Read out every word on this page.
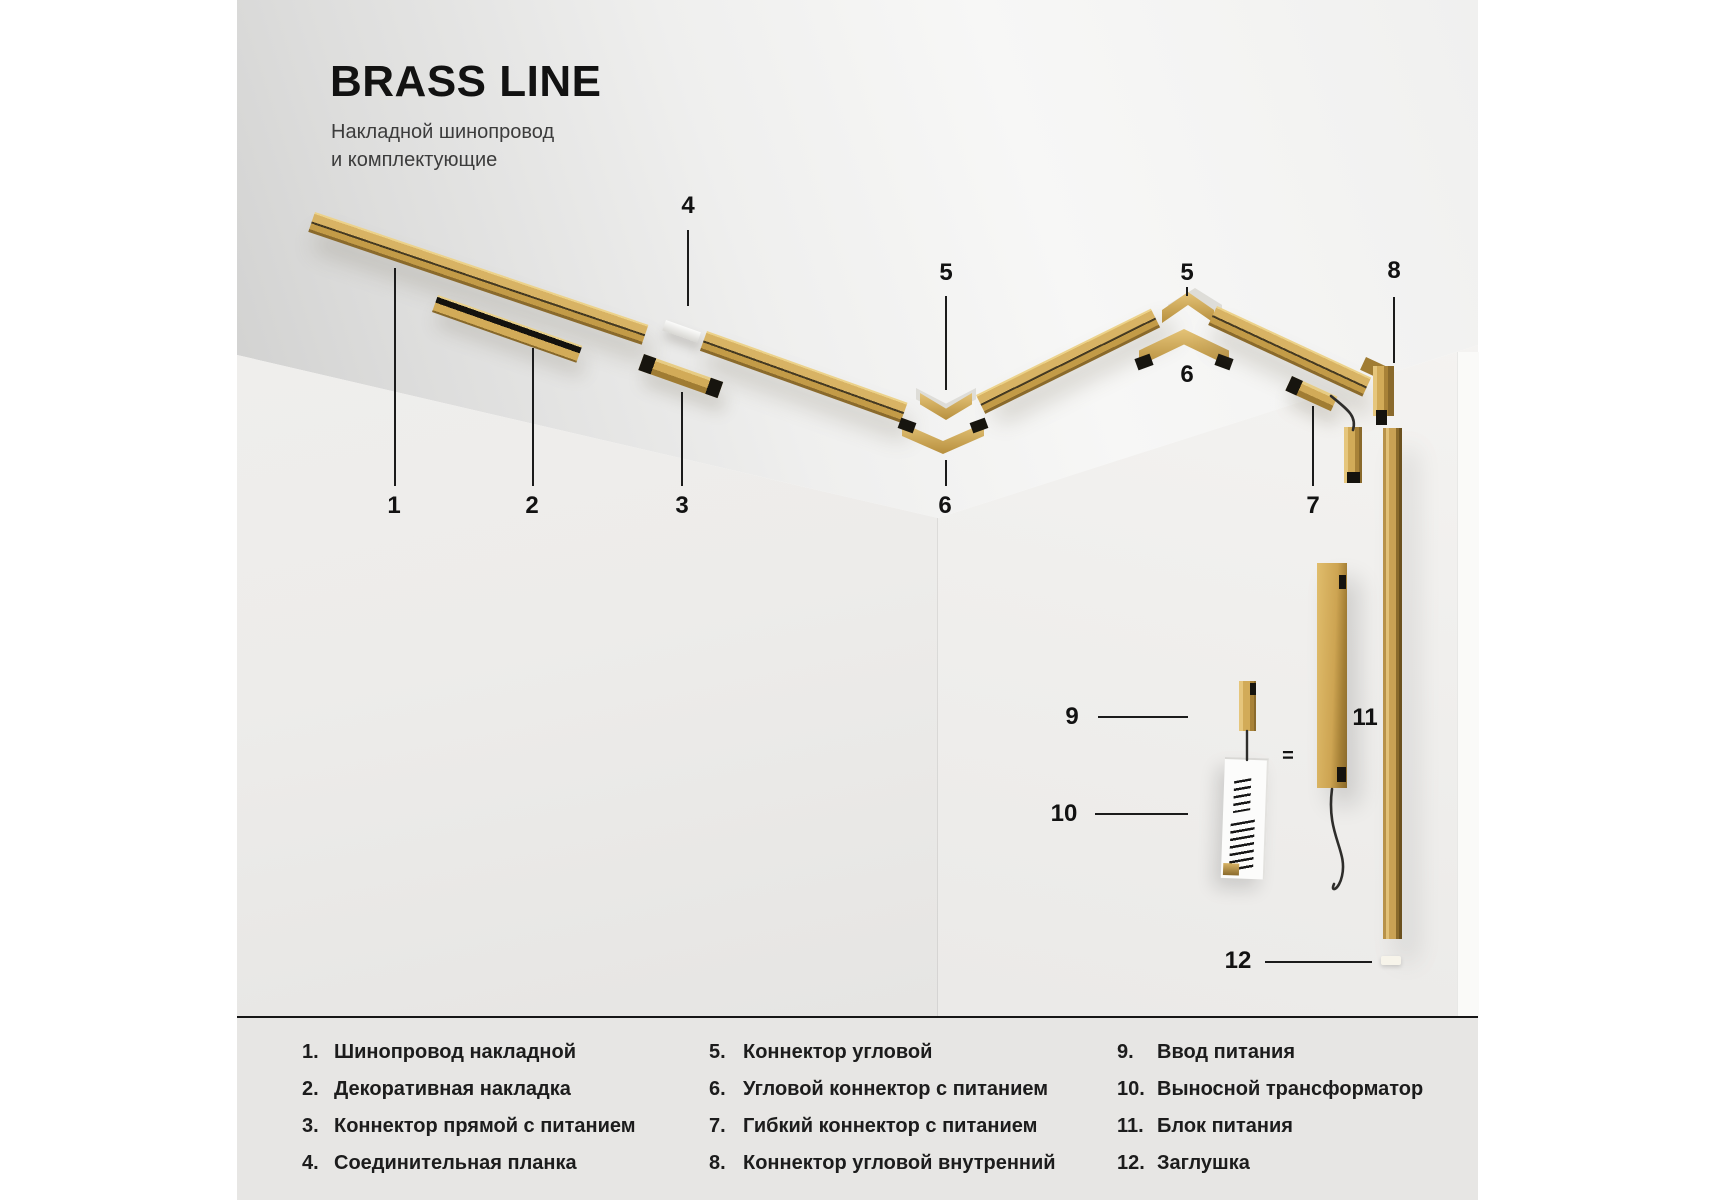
BRASS LINE
Накладной шинопровод
и комплектующие
1	2	3
4
5	5
6
6
7
8
9
10
11
12
=
1. Шинопровод накладной
2. Декоративная накладка
3. Коннектор прямой с питанием
4. Соединительная планка
5. Коннектор угловой
6. Угловой коннектор с питанием
7. Гибкий коннектор с питанием
8. Коннектор угловой внутренний
9.	Ввод питания
10. Выносной трансформатор
11. Блок питания
12. Заглушка
